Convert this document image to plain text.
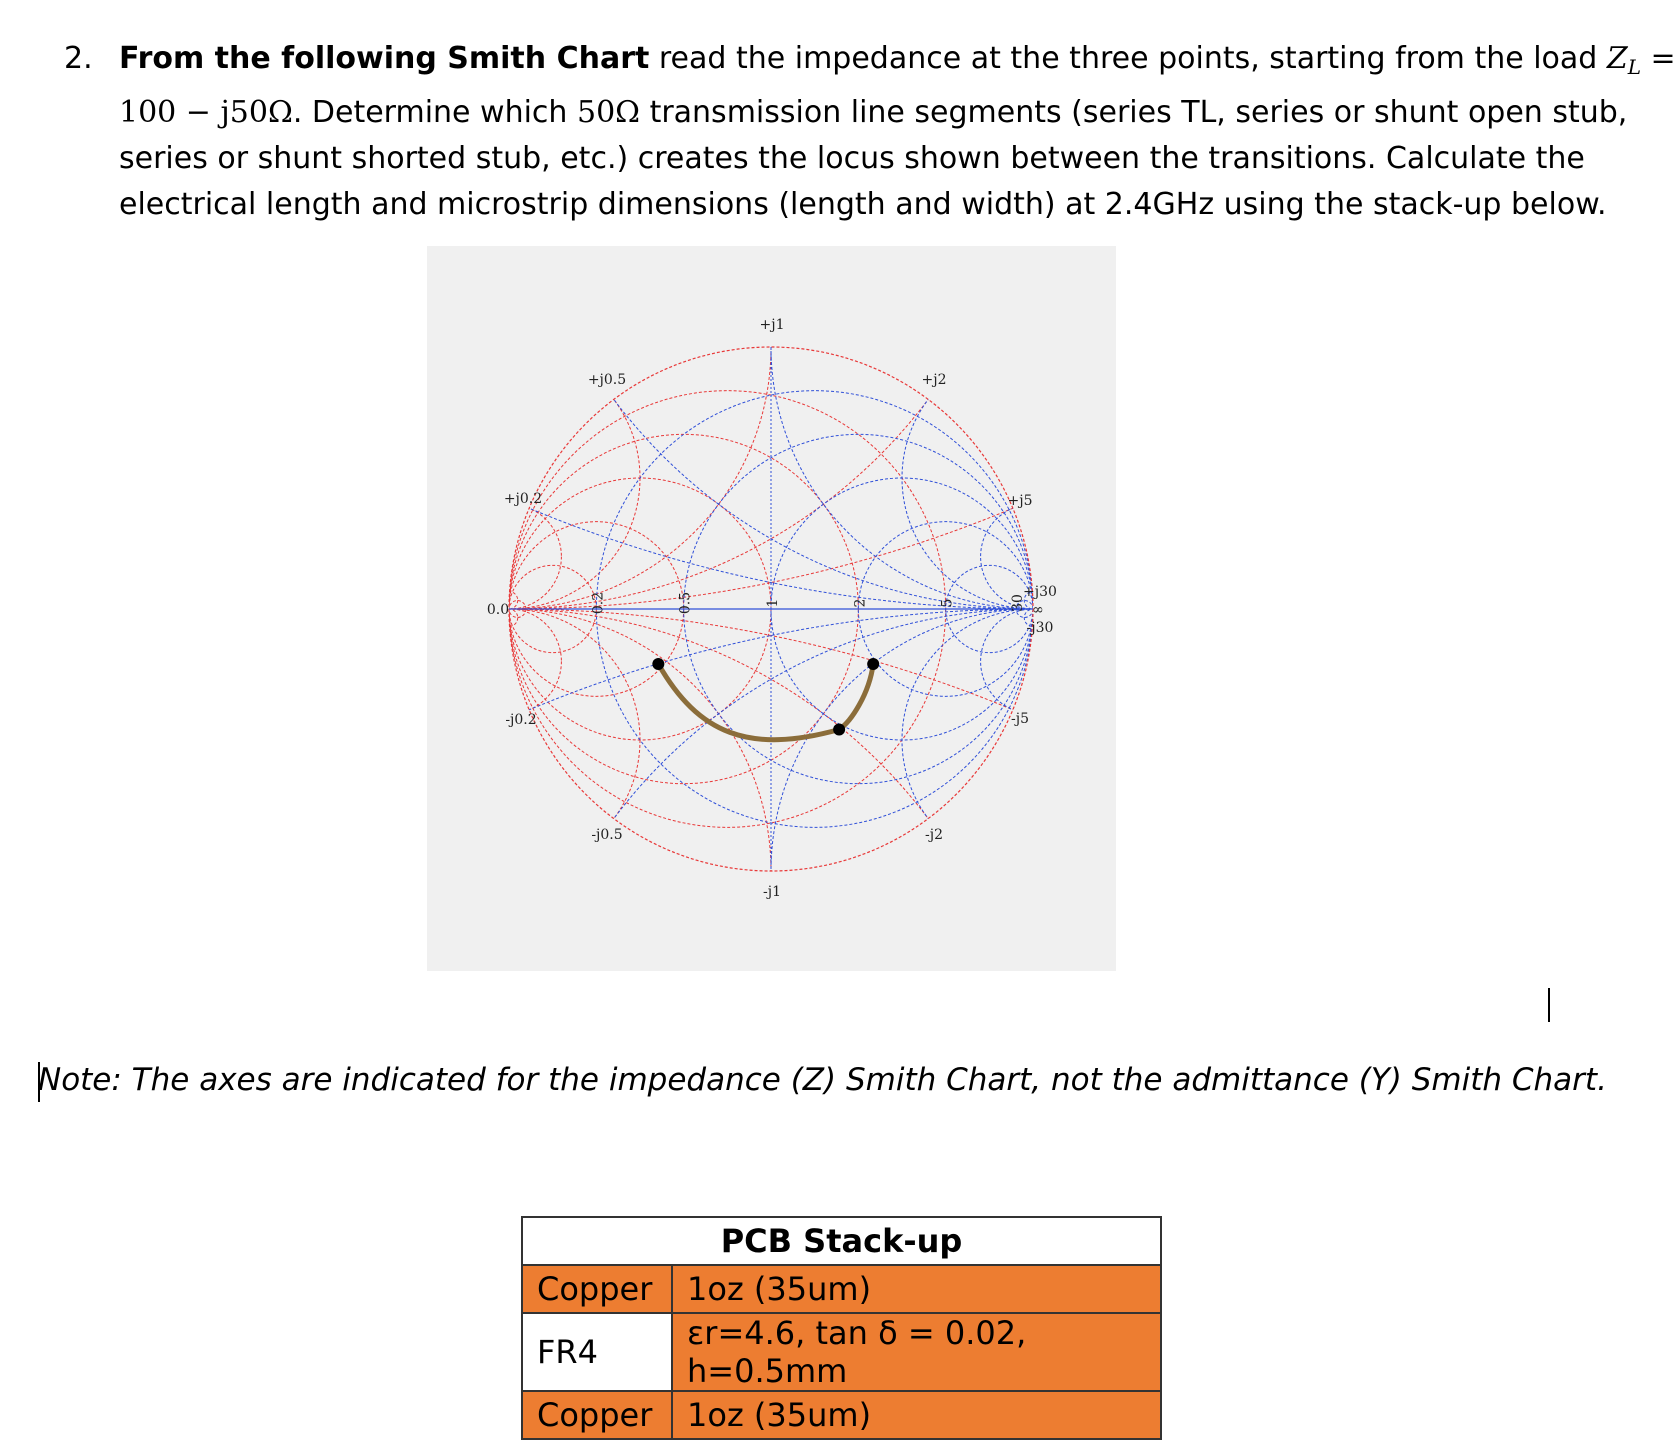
2. From the following Smith Chart read the impedance at the three points, starting from the load $Z_L$ =
100 − j50Ω. Determine which 50Ω transmission line segments (series TL, series or shunt open stub,
series or shunt shorted stub, etc.) creates the locus shown between the transitions. Calculate the
electrical length and microstrip dimensions (length and width) at 2.4GHz using the stack-up below.
+j1
+j0.5	+j2
+j0.2	+j5
0.0
+j30
∞
-j30
-j0.2	-j5
-j0.5	-j2
-j1
0.2	0.5	1	2	5	30
Note: The axes are indicated for the impedance (Z) Smith Chart, not the admittance (Y) Smith Chart.
PCB Stack-up	
Copper	1oz (35um)
FR4	εr=4.6, tan δ = 0.02, h=0.5mm
Copper	1oz (35um)
